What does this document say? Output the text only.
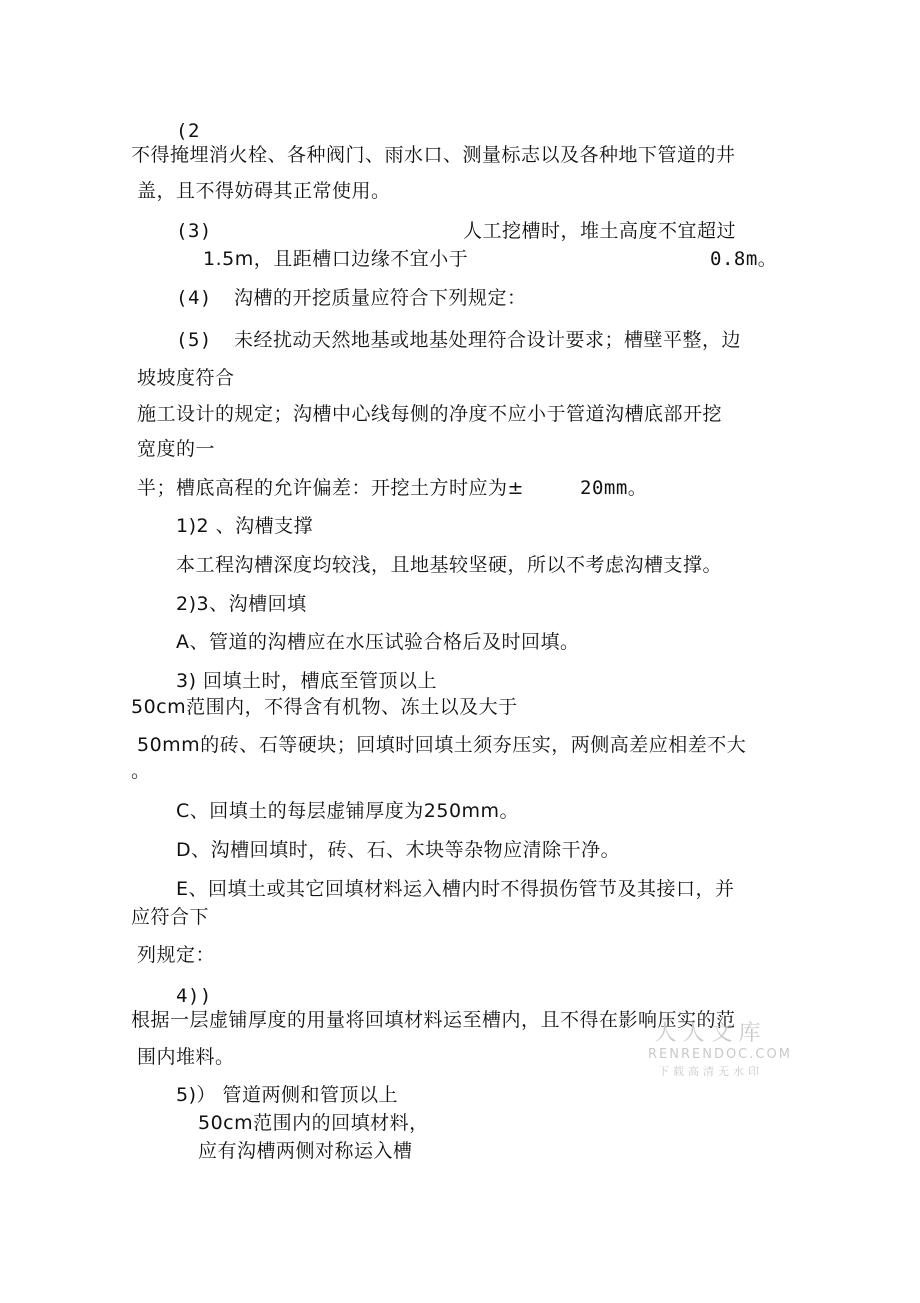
(2
不得掩埋消火栓、各种阀门、雨水口、测量标志以及各种地下管道的井
盖，且不得妨碍其正常使用。
(3)	人工挖槽时，堆土高度不宜超过
1.5m，且距槽口边缘不宜小于	0.8m。
(4) 沟槽的开挖质量应符合下列规定：
(5) 未经扰动天然地基或地基处理符合设计要求；槽壁平整，边
坡坡度符合
施工设计的规定；沟槽中心线每侧的净度不应小于管道沟槽底部开挖
宽度的一
半；槽底高程的允许偏差：开挖土方时应为±	20mm。
1)2 、沟槽支撑
本工程沟槽深度均较浅，且地基较坚硬，所以不考虑沟槽支撑。
2)3、沟槽回填
A、管道的沟槽应在水压试验合格后及时回填。
3) 回填土时，槽底至管顶以上
50cm范围内，不得含有机物、冻土以及大于
50mm的砖、石等硬块；回填时回填土须夯压实，两侧高差应相差不大
。
C、回填土的每层虚铺厚度为250mm。
D、沟槽回填时，砖、石、木块等杂物应清除干净。
E、回填土或其它回填材料运入槽内时不得损伤管节及其接口，并
应符合下
列规定：
4))
根据一层虚铺厚度的用量将回填材料运至槽内，且不得在影响压实的范
围内堆料。
5)） 管道两侧和管顶以上
50cm范围内的回填材料，
应有沟槽两侧对称运入槽
人人文库
RENRENDOC.COM
下载高清无水印
